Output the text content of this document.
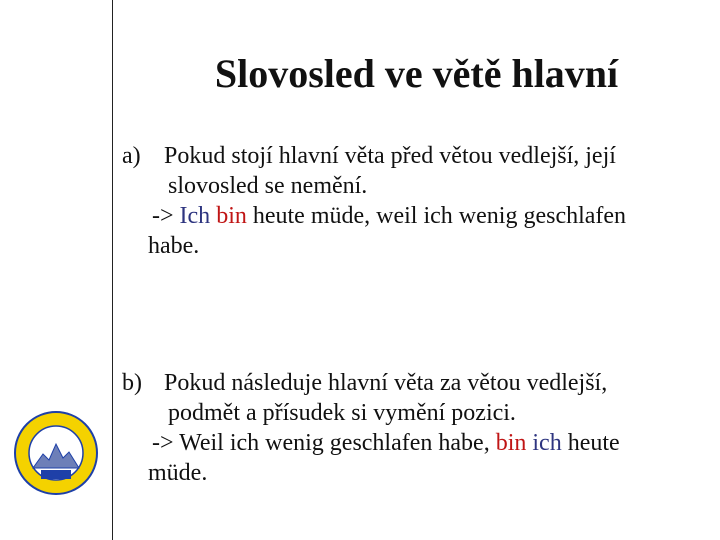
Slovosled ve větě hlavní
a) Pokud stojí hlavní věta před větou vedlejší, její
slovosled se nemění.
-> Ich bin heute müde, weil ich wenig geschlafen
habe.
b) Pokud následuje hlavní věta za větou vedlejší,
podmět a přísudek si vymění pozici.
-> Weil ich wenig geschlafen habe, bin ich heute
müde.
